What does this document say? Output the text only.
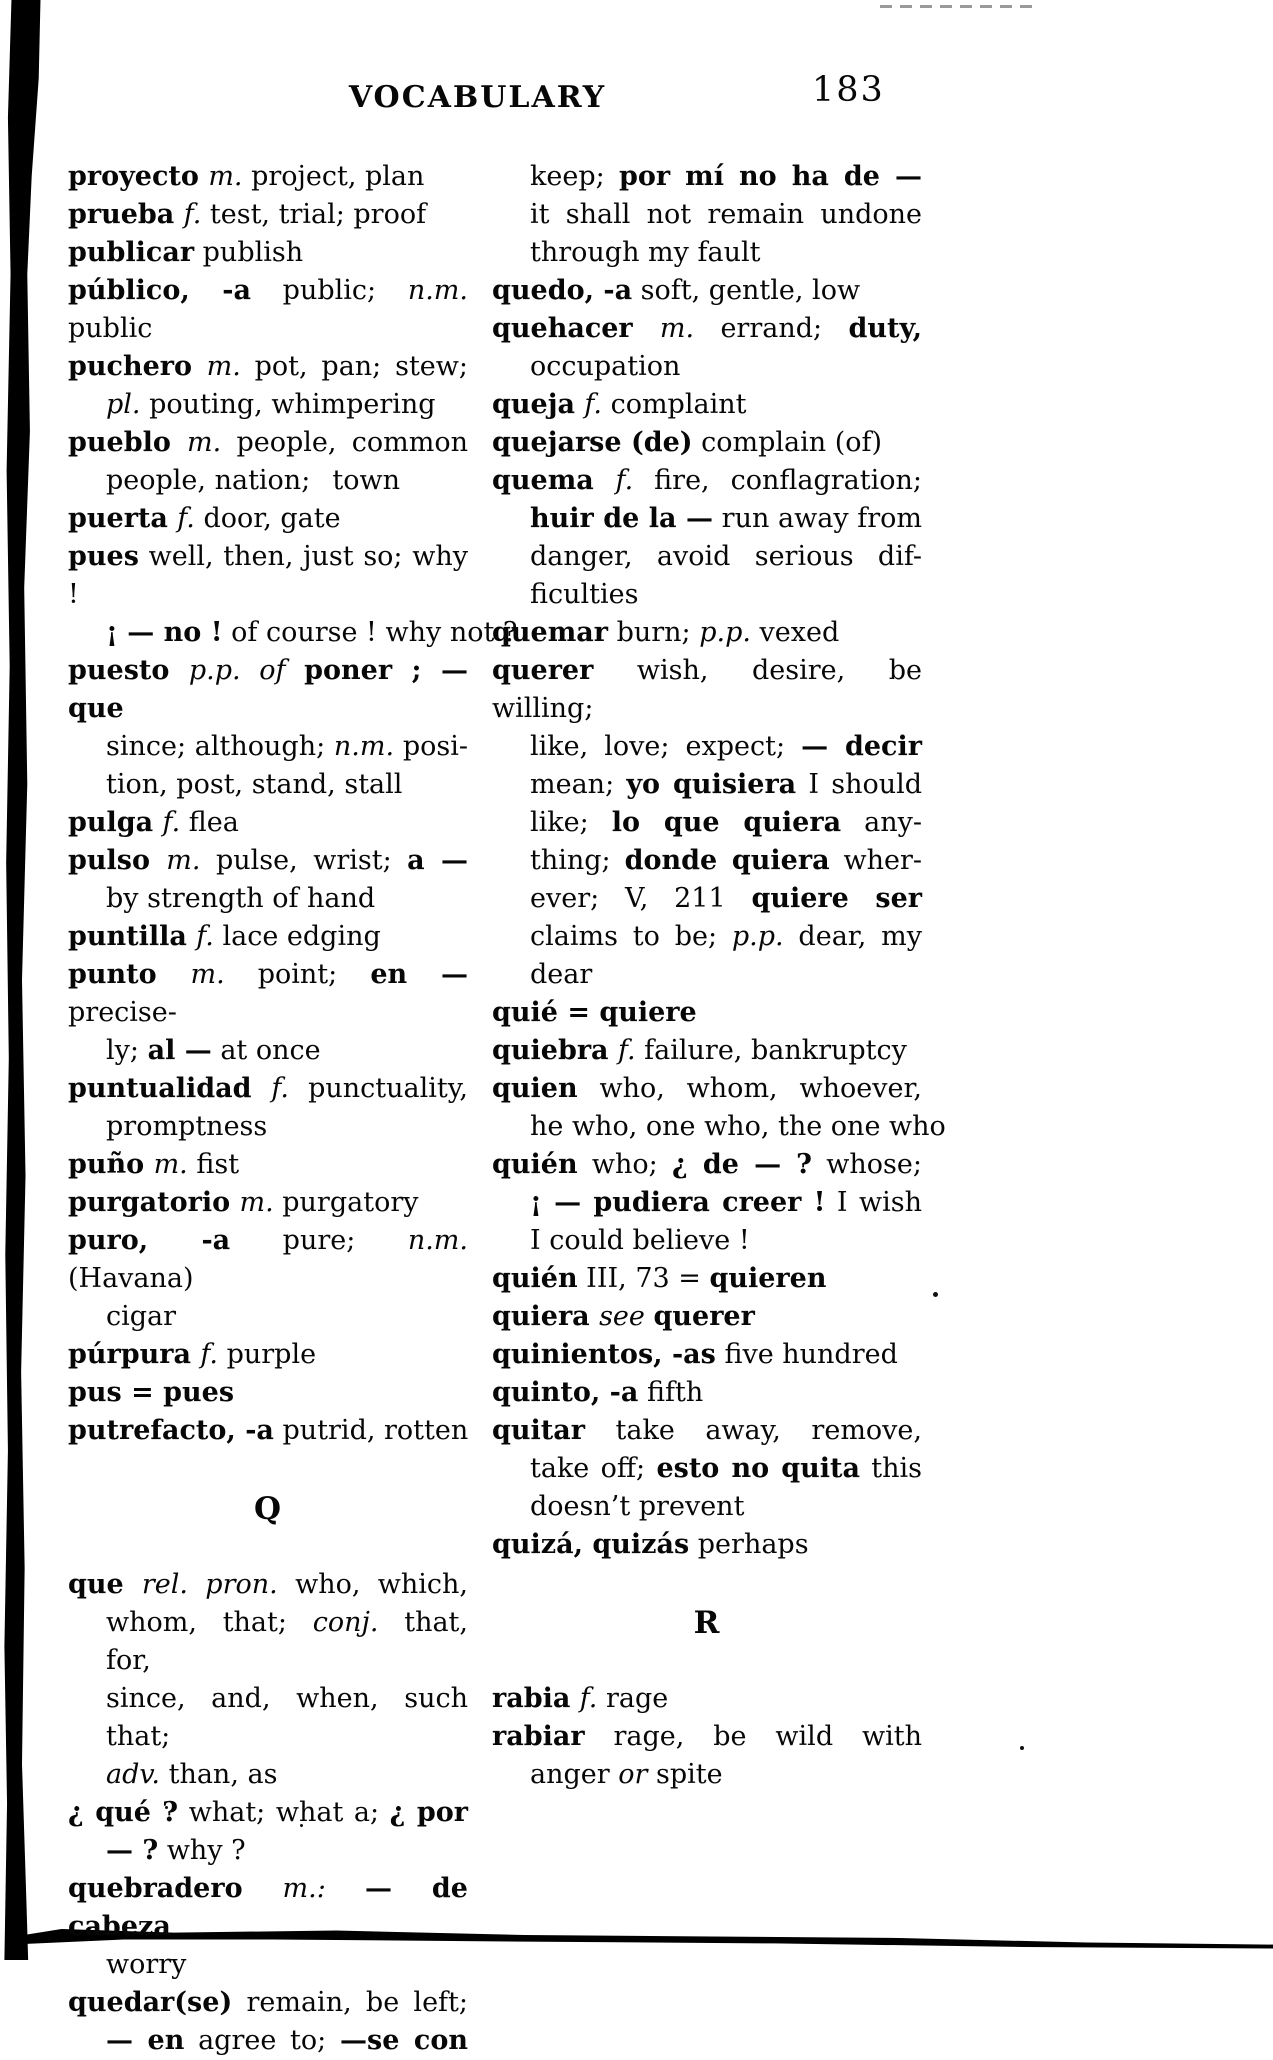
VOCABULARY	183
proyecto m. project, plan
prueba f. test, trial; proof
publicar publish
público, -a public; n.m. public
puchero m. pot, pan; stew;
pl. pouting, whimpering
pueblo m. people, common
people, nation;  town
puerta f. door, gate
pues well, then, just so; why !
¡ — no ! of course ! why not ?
puesto p.p. of poner ; — que
since; although; n.m. posi-
tion, post, stand, stall
pulga f. flea
pulso m. pulse, wrist; a —
by strength of hand
puntilla f. lace edging
punto m. point; en — precise-
ly; al — at once
puntualidad f. punctuality,
promptness
puño m. fist
purgatorio m. purgatory
puro, -a pure; n.m. (Havana)
cigar
púrpura f. purple
pus = pues
putrefacto, -a putrid, rotten
Q
que rel. pron. who, which,
whom, that; conj. that, for,
since, and, when, such that;
adv. than, as
¿ qué ? what; what a; ¿ por
— ? why ?
quebradero m.: — de cabeza
worry
quedar(se) remain, be left;
— en agree to; —se con
keep; por mí no ha de —
it shall not remain undone
through my fault
quedo, -a soft, gentle, low
quehacer m. errand; duty,
occupation
queja f. complaint
quejarse (de) complain (of)
quema f. fire, conflagration;
huir de la — run away from
danger, avoid serious dif-
ficulties
quemar burn; p.p. vexed
querer wish, desire, be willing;
like, love; expect; — decir
mean; yo quisiera I should
like; lo que quiera any-
thing; donde quiera wher-
ever; V, 211 quiere ser
claims to be; p.p. dear, my
dear
quié = quiere
quiebra f. failure, bankruptcy
quien who, whom, whoever,
he who, one who, the one who
quién who; ¿ de — ? whose;
¡ — pudiera creer ! I wish
I could believe !
quién III, 73 = quieren
quiera see querer
quinientos, -as five hundred
quinto, -a fifth
quitar take away, remove,
take off; esto no quita this
doesn’t prevent
quizá, quizás perhaps
R
rabia f. rage
rabiar rage, be wild with
anger or spite
